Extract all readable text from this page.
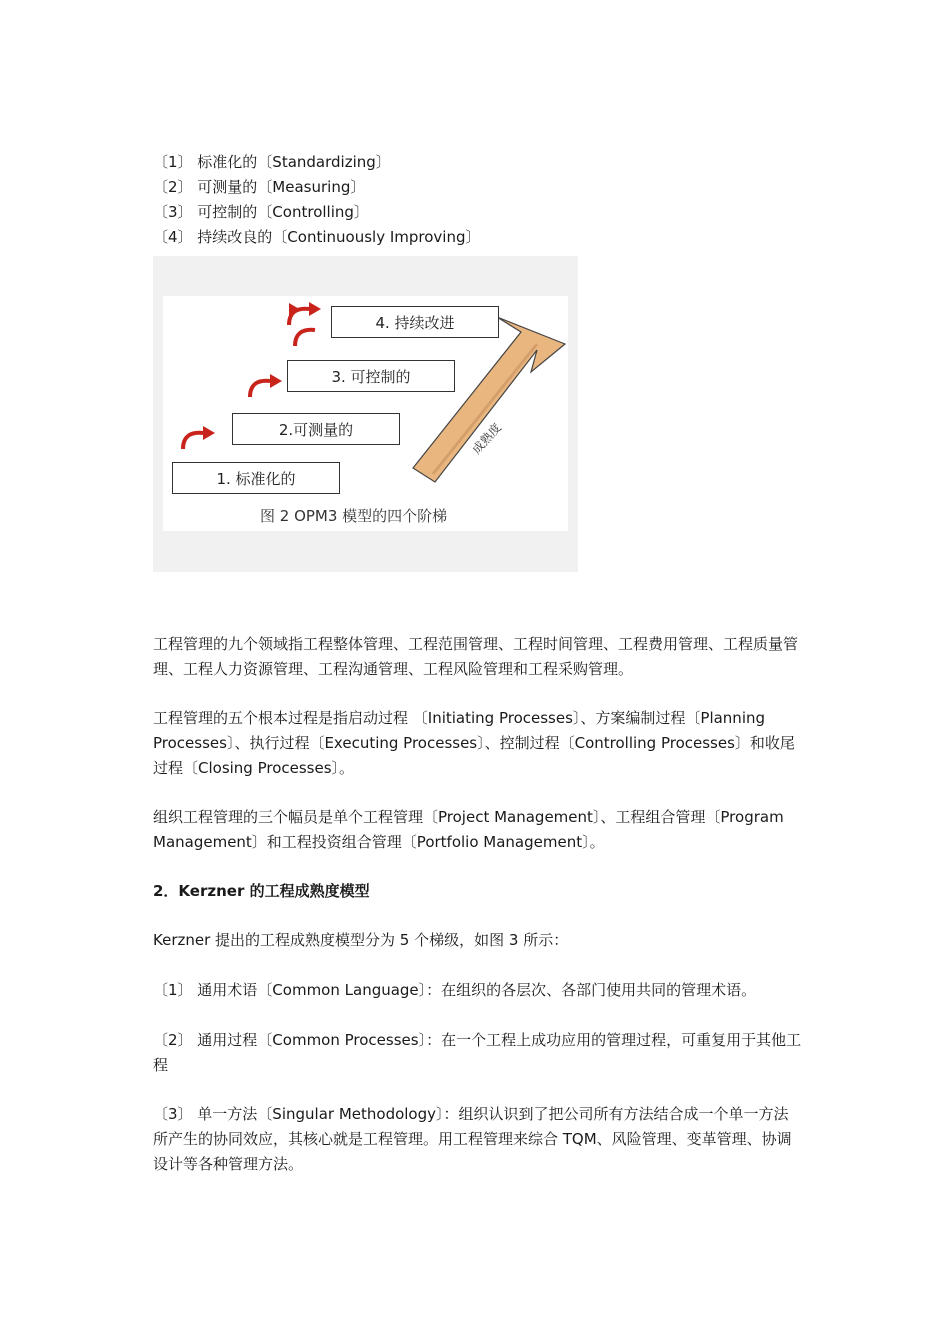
〔1〕 标准化的〔Standardizing〕
〔2〕 可测量的〔Measuring〕
〔3〕 可控制的〔Controlling〕
〔4〕 持续改良的〔Continuously Improving〕
1. 标准化的
2.可测量的
3. 可控制的
4. 持续改进
成熟度
图 2 OPM3 模型的四个阶梯

工程管理的九个领域指工程整体管理、工程范围管理、工程时间管理、工程费用管理、工程质量管理、工程人力资源管理、工程沟通管理、工程风险管理和工程采购管理。

工程管理的五个根本过程是指启动过程 〔Initiating Processes〕、方案编制过程〔Planning Processes〕、执行过程〔Executing Processes〕、控制过程〔Controlling Processes〕和收尾过程〔Closing Processes〕。

组织工程管理的三个幅员是单个工程管理〔Project Management〕、工程组合管理〔Program Management〕和工程投资组合管理〔Portfolio Management〕。

2．Kerzner 的工程成熟度模型

Kerzner 提出的工程成熟度模型分为 5 个梯级，如图 3 所示：

〔1〕 通用术语〔Common Language〕：在组织的各层次、各部门使用共同的管理术语。

〔2〕 通用过程〔Common Processes〕：在一个工程上成功应用的管理过程，可重复用于其他工程

〔3〕 单一方法〔Singular Methodology〕：组织认识到了把公司所有方法结合成一个单一方法所产生的协同效应，其核心就是工程管理。用工程管理来综合 TQM、风险管理、变革管理、协调设计等各种管理方法。
